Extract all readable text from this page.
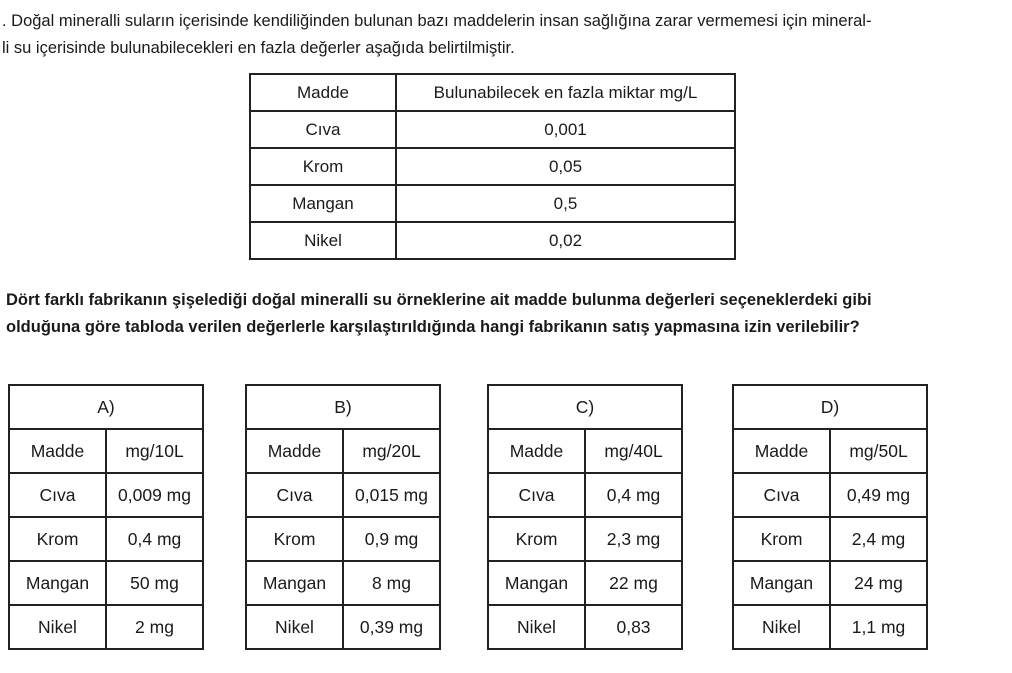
. Doğal mineralli suların içerisinde kendiliğinden bulunan bazı maddelerin insan sağlığına zarar vermemesi için mineral-
li su içerisinde bulunabilecekleri en fazla değerler aşağıda belirtilmiştir.

Madde	Bulunabilecek en fazla miktar mg/L
Cıva	0,001
Krom	0,05
Mangan	0,5
Nikel	0,02

Dört farklı fabrikanın şişelediği doğal mineralli su örneklerine ait madde bulunma değerleri seçeneklerdeki gibi
olduğuna göre tabloda verilen değerlerle karşılaştırıldığında hangi fabrikanın satış yapmasına izin verilebilir?

A)	
Madde	mg/10L
Cıva	0,009 mg
Krom	0,4 mg
Mangan	50 mg
Nikel	2 mg
B)	
Madde	mg/20L
Cıva	0,015 mg
Krom	0,9 mg
Mangan	8 mg
Nikel	0,39 mg
C)	
Madde	mg/40L
Cıva	0,4 mg
Krom	2,3 mg
Mangan	22 mg
Nikel	0,83
D)	
Madde	mg/50L
Cıva	0,49 mg
Krom	2,4 mg
Mangan	24 mg
Nikel	1,1 mg
